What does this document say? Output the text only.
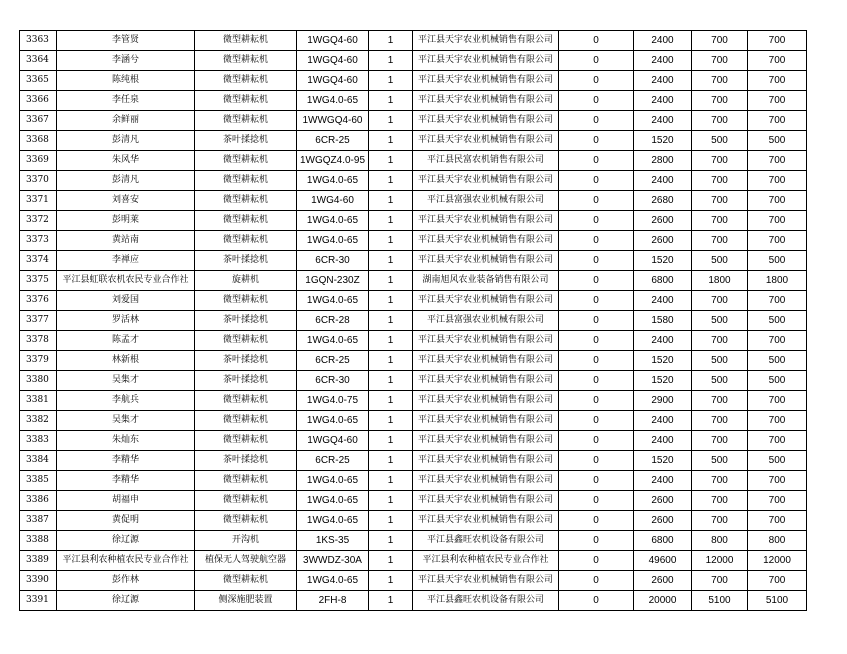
3363	李管贤	微型耕耘机	1WGQ4-60	1	平江县天宇农业机械销售有限公司	0	2400	700	700
3364	李涵兮	微型耕耘机	1WGQ4-60	1	平江县天宇农业机械销售有限公司	0	2400	700	700
3365	陈纯根	微型耕耘机	1WGQ4-60	1	平江县天宇农业机械销售有限公司	0	2400	700	700
3366	李任泉	微型耕耘机	1WG4.0-65	1	平江县天宇农业机械销售有限公司	0	2400	700	700
3367	余鲜丽	微型耕耘机	1WWGQ4-60	1	平江县天宇农业机械销售有限公司	0	2400	700	700
3368	彭清凡	茶叶揉捻机	6CR-25	1	平江县天宇农业机械销售有限公司	0	1520	500	500
3369	朱风华	微型耕耘机	1WGQZ4.0-95	1	平江县民富农机销售有限公司	0	2800	700	700
3370	彭清凡	微型耕耘机	1WG4.0-65	1	平江县天宇农业机械销售有限公司	0	2400	700	700
3371	刘喜安	微型耕耘机	1WG4-60	1	平江县富强农业机械有限公司	0	2680	700	700
3372	彭明莱	微型耕耘机	1WG4.0-65	1	平江县天宇农业机械销售有限公司	0	2600	700	700
3373	黄站南	微型耕耘机	1WG4.0-65	1	平江县天宇农业机械销售有限公司	0	2600	700	700
3374	李禅应	茶叶揉捻机	6CR-30	1	平江县天宇农业机械销售有限公司	0	1520	500	500
3375	平江县虹联农机农民专业合作社	旋耕机	1GQN-230Z	1	湖南旭风农业装备销售有限公司	0	6800	1800	1800
3376	刘爱国	微型耕耘机	1WG4.0-65	1	平江县天宇农业机械销售有限公司	0	2400	700	700
3377	罗活林	茶叶揉捻机	6CR-28	1	平江县富强农业机械有限公司	0	1580	500	500
3378	陈孟才	微型耕耘机	1WG4.0-65	1	平江县天宇农业机械销售有限公司	0	2400	700	700
3379	林新根	茶叶揉捻机	6CR-25	1	平江县天宇农业机械销售有限公司	0	1520	500	500
3380	吴集才	茶叶揉捻机	6CR-30	1	平江县天宇农业机械销售有限公司	0	1520	500	500
3381	李航兵	微型耕耘机	1WG4.0-75	1	平江县天宇农业机械销售有限公司	0	2900	700	700
3382	吴集才	微型耕耘机	1WG4.0-65	1	平江县天宇农业机械销售有限公司	0	2400	700	700
3383	朱灿东	微型耕耘机	1WGQ4-60	1	平江县天宇农业机械销售有限公司	0	2400	700	700
3384	李精华	茶叶揉捻机	6CR-25	1	平江县天宇农业机械销售有限公司	0	1520	500	500
3385	李精华	微型耕耘机	1WG4.0-65	1	平江县天宇农业机械销售有限公司	0	2400	700	700
3386	胡福申	微型耕耘机	1WG4.0-65	1	平江县天宇农业机械销售有限公司	0	2600	700	700
3387	黄促明	微型耕耘机	1WG4.0-65	1	平江县天宇农业机械销售有限公司	0	2600	700	700
3388	徐辽源	开沟机	1KS-35	1	平江县鑫旺农机设备有限公司	0	6800	800	800
3389	平江县利农种植农民专业合作社	植保无人驾驶航空器	3WWDZ-30A	1	平江县利农种植农民专业合作社	0	49600	12000	12000
3390	彭作林	微型耕耘机	1WG4.0-65	1	平江县天宇农业机械销售有限公司	0	2600	700	700
3391	徐辽源	侧深施肥装置	2FH-8	1	平江县鑫旺农机设备有限公司	0	20000	5100	5100
